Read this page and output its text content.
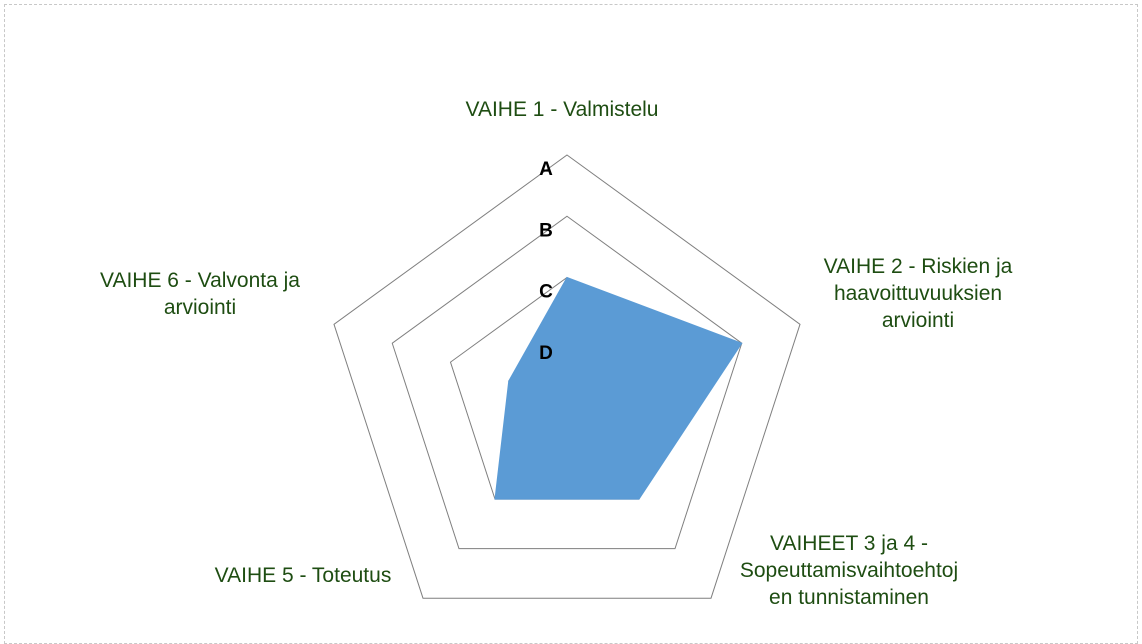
D
C
B
A
VAIHE 1 - Valmistelu
VAIHE 2 - Riskien ja haavoittuvuuksien arviointi
VAIHEET 3 ja 4 -Sopeuttamisvaihtoehtoj en tunnistaminen
VAIHE 5 - Toteutus
VAIHE 6 - Valvonta ja arviointi
